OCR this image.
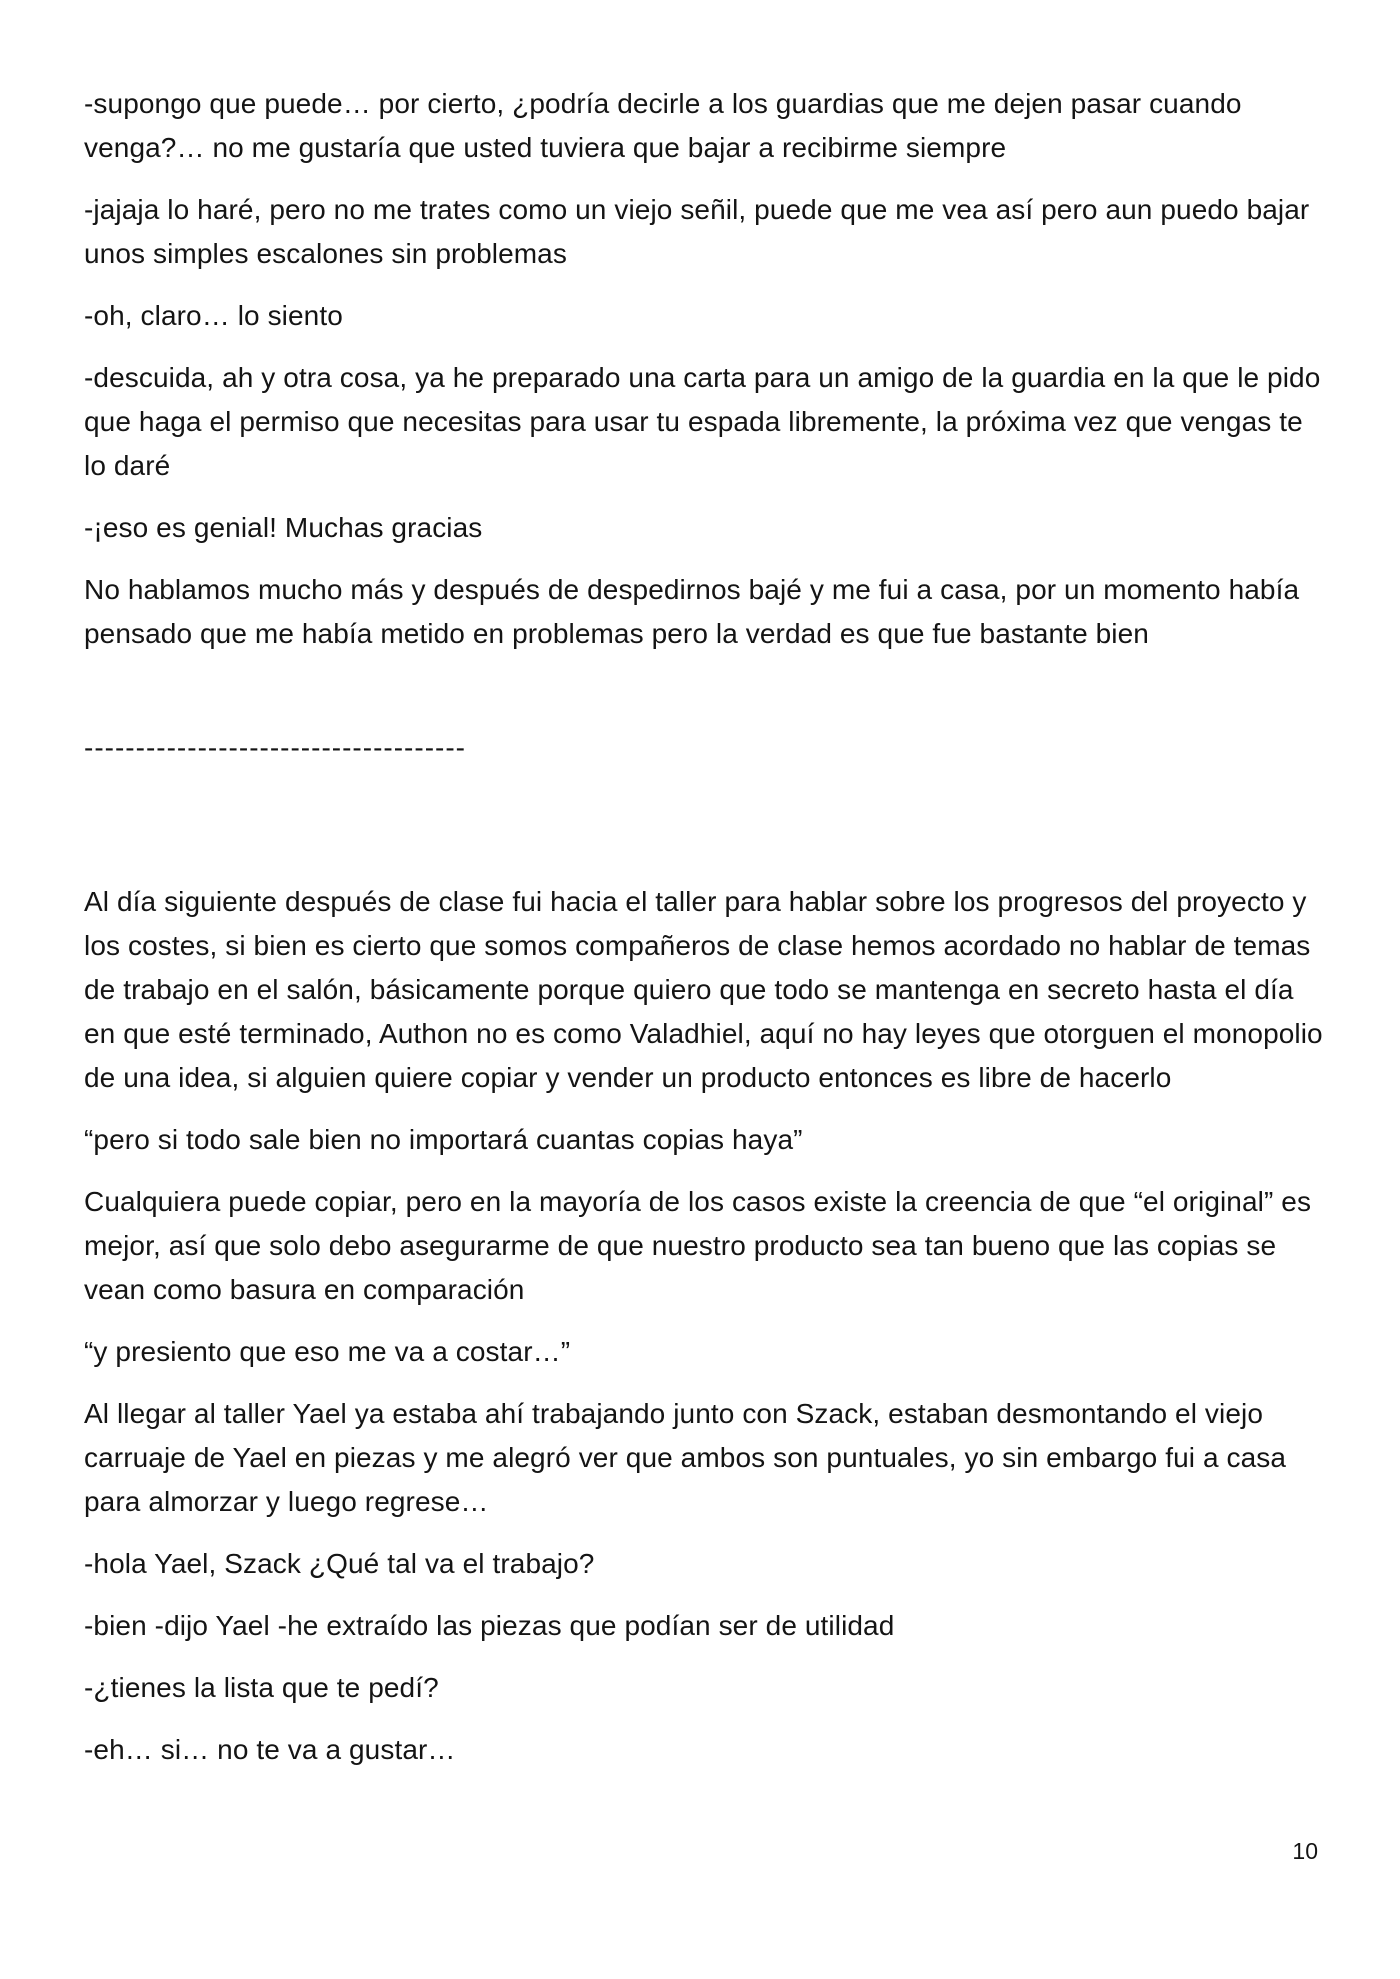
-supongo que puede… por cierto, ¿podría decirle a los guardias que me dejen pasar cuando venga?… no me gustaría que usted tuviera que bajar a recibirme siempre

-jajaja lo haré, pero no me trates como un viejo señil, puede que me vea así pero aun puedo bajar unos simples escalones sin problemas

-oh, claro… lo siento

-descuida, ah y otra cosa, ya he preparado una carta para un amigo de la guardia en la que le pido que haga el permiso que necesitas para usar tu espada libremente, la próxima vez que vengas te lo daré

-¡eso es genial! Muchas gracias

No hablamos mucho más y después de despedirnos bajé y me fui a casa, por un momento había pensado que me había metido en problemas pero la verdad es que fue bastante bien

-------------------------------------

Al día siguiente después de clase fui hacia el taller para hablar sobre los progresos del proyecto y los costes, si bien es cierto que somos compañeros de clase hemos acordado no hablar de temas de trabajo en el salón, básicamente porque quiero que todo se mantenga en secreto hasta el día en que esté terminado, Authon no es como Valadhiel, aquí no hay leyes que otorguen el monopolio de una idea, si alguien quiere copiar y vender un producto entonces es libre de hacerlo

“pero si todo sale bien no importará cuantas copias haya”

Cualquiera puede copiar, pero en la mayoría de los casos existe la creencia de que “el original” es mejor, así que solo debo asegurarme de que nuestro producto sea tan bueno que las copias se vean como basura en comparación

“y presiento que eso me va a costar…”

Al llegar al taller Yael ya estaba ahí trabajando junto con Szack, estaban desmontando el viejo carruaje de Yael en piezas y me alegró ver que ambos son puntuales, yo sin embargo fui a casa para almorzar y luego regrese…

-hola Yael, Szack ¿Qué tal va el trabajo?

-bien -dijo Yael -he extraído las piezas que podían ser de utilidad

-¿tienes la lista que te pedí?

-eh… si… no te va a gustar…

10
